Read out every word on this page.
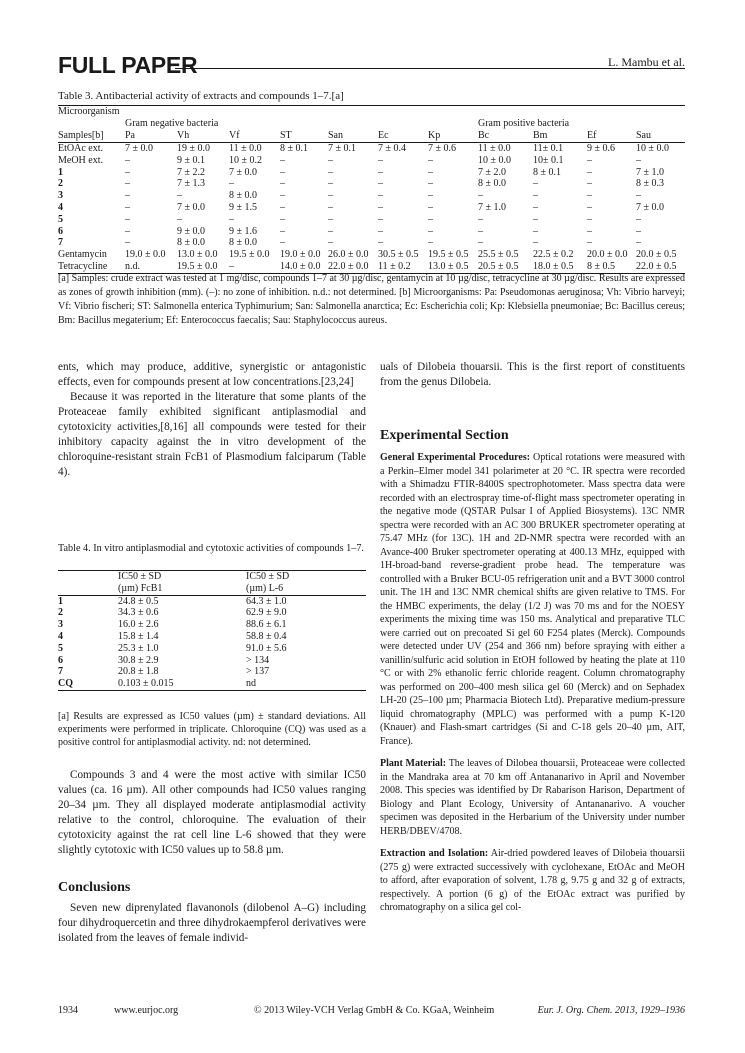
FULL PAPER	L. Mambu et al.
Table 3. Antibacterial activity of extracts and compounds 1–7.[a]
Microorganism											
	Gram negative bacteria							Gram positive bacteria			
Samples[b]	Pa	Vh	Vf	ST	San	Ec	Kp	Bc	Bm	Ef	Sau
EtOAc ext.	7 ± 0.0	19 ± 0.0	11 ± 0.0	8 ± 0.1	7 ± 0.1	7 ± 0.4	7 ± 0.6	11 ± 0.0	11± 0.1	9 ± 0.6	10 ± 0.0
MeOH ext.	–	9 ± 0.1	10 ± 0.2	–	–	–	–	10 ± 0.0	10± 0.1	–	–
1	–	7 ± 2.2	7 ± 0.0	–	–	–	–	7 ± 2.0	8 ± 0.1	–	7 ± 1.0
2	–	7 ± 1.3	–	–	–	–	–	8 ± 0.0	–	–	8 ± 0.3
3	–	–	8 ± 0.0	–	–	–	–	–	–	–	–
4	–	7 ± 0.0	9 ± 1.5	–	–	–	–	7 ± 1.0	–	–	7 ± 0.0
5	–	–	–	–	–	–	–	–	–	–	–
6	–	9 ± 0.0	9 ± 1.6	–	–	–	–	–	–	–	–
7	–	8 ± 0.0	8 ± 0.0	–	–	–	–	–	–	–	–
Gentamycin	19.0 ± 0.0	13.0 ± 0.0	19.5 ± 0.0	19.0 ± 0.0	26.0 ± 0.0	30.5 ± 0.5	19.5 ± 0.5	25.5 ± 0.5	22.5 ± 0.2	20.0 ± 0.0	20.0 ± 0.5
Tetracycline	n.d.	19.5 ± 0.0	–	14.0 ± 0.0	22.0 ± 0.0	11 ± 0.2	13.0 ± 0.5	20.5 ± 0.5	18.0 ± 0.5	8 ± 0.5	22.0 ± 0.5
[a] Samples: crude extract was tested at 1 mg/disc, compounds 1–7 at 30 µg/disc, gentamycin at 10 µg/disc, tetracycline at 30 µg/disc. Results are expressed as zones of growth inhibition (mm). (–): no zone of inhibition. n.d.: not determined. [b] Microorganisms: Pa: Pseudomonas aeruginosa; Vh: Vibrio harveyi; Vf: Vibrio fischeri; ST: Salmonella enterica Typhimurium; San: Salmonella anarctica; Ec: Escherichia coli; Kp: Klebsiella pneumoniae; Bc: Bacillus cereus; Bm: Bacillus megaterium; Ef: Enterococcus faecalis; Sau: Staphylococcus aureus.

ents, which may produce, additive, synergistic or antagonistic effects, even for compounds present at low concentrations.[23,24]

Because it was reported in the literature that some plants of the Proteaceae family exhibited significant antiplasmodial and cytotoxicity activities,[8,16] all compounds were tested for their inhibitory capacity against the in vitro development of the chloroquine-resistant strain FcB1 of Plasmodium falciparum (Table 4).

Table 4. In vitro antiplasmodial and cytotoxic activities of compounds 1–7.
	IC50 ± SD	IC50 ± SD
	(µm) FcB1	(µm) L-6
1	24.8 ± 0.5	64.3 ± 1.0
2	34.3 ± 0.6	62.9 ± 9.0
3	16.0 ± 2.6	88.6 ± 6.1
4	15.8 ± 1.4	58.8 ± 0.4
5	25.3 ± 1.0	91.0 ± 5.6
6	30.8 ± 2.9	> 134
7	20.8 ± 1.8	> 137
CQ	0.103 ± 0.015	nd
[a] Results are expressed as IC50 values (µm) ± standard deviations. All experiments were performed in triplicate. Chloroquine (CQ) was used as a positive control for antiplasmodial activity. nd: not determined.

Compounds 3 and 4 were the most active with similar IC50 values (ca. 16 µm). All other compounds had IC50 values ranging 20–34 µm. They all displayed moderate antiplasmodial activity relative to the control, chloroquine. The evaluation of their cytotoxicity against the rat cell line L-6 showed that they were slightly cytotoxic with IC50 values up to 58.8 µm.

Conclusions

Seven new diprenylated flavanonols (dilobenol A–G) including four dihydroquercetin and three dihydrokaempferol derivatives were isolated from the leaves of female individ-

uals of Dilobeia thouarsii. This is the first report of constituents from the genus Dilobeia.

Experimental Section

General Experimental Procedures: Optical rotations were measured with a Perkin–Elmer model 341 polarimeter at 20 °C. IR spectra were recorded with a Shimadzu FTIR-8400S spectrophotometer. Mass spectra data were recorded with an electrospray time-of-flight mass spectrometer operating in the negative mode (QSTAR Pulsar I of Applied Biosystems). 13C NMR spectra were recorded with an AC 300 BRUKER spectrometer operating at 75.47 MHz (for 13C). 1H and 2D-NMR spectra were recorded with an Avance-400 Bruker spectrometer operating at 400.13 MHz, equipped with 1H-broad-band reverse-gradient probe head. The temperature was controlled with a Bruker BCU-05 refrigeration unit and a BVT 3000 control unit. The 1H and 13C NMR chemical shifts are given relative to TMS. For the HMBC experiments, the delay (1/2 J) was 70 ms and for the NOESY experiments the mixing time was 150 ms. Analytical and preparative TLC were carried out on precoated Si gel 60 F254 plates (Merck). Compounds were detected under UV (254 and 366 nm) before spraying with either a vanillin/sulfuric acid solution in EtOH followed by heating the plate at 110 °C or with 2% ethanolic ferric chloride reagent. Column chromatography was performed on 200–400 mesh silica gel 60 (Merck) and on Sephadex LH-20 (25–100 µm; Pharmacia Biotech Ltd). Preparative medium-pressure liquid chromatography (MPLC) was performed with a pump K-120 (Knauer) and Flash-smart cartridges (Si and C-18 gels 20–40 µm, AIT, France).

Plant Material: The leaves of Dilobea thouarsii, Proteaceae were collected in the Mandraka area at 70 km off Antananarivo in April and November 2008. This species was identified by Dr Rabarison Harison, Department of Biology and Plant Ecology, University of Antananarivo. A voucher specimen was deposited in the Herbarium of the University under number HERB/DBEV/4708.

Extraction and Isolation: Air-dried powdered leaves of Dilobeia thouarsii (275 g) were extracted successively with cyclohexane, EtOAc and MeOH to afford, after evaporation of solvent, 1.78 g, 9.75 g and 32 g of extracts, respectively. A portion (6 g) of the EtOAc extract was purified by chromatography on a silica gel col-

1934	www.eurjoc.org	© 2013 Wiley-VCH Verlag GmbH & Co. KGaA, Weinheim	Eur. J. Org. Chem. 2013, 1929–1936
